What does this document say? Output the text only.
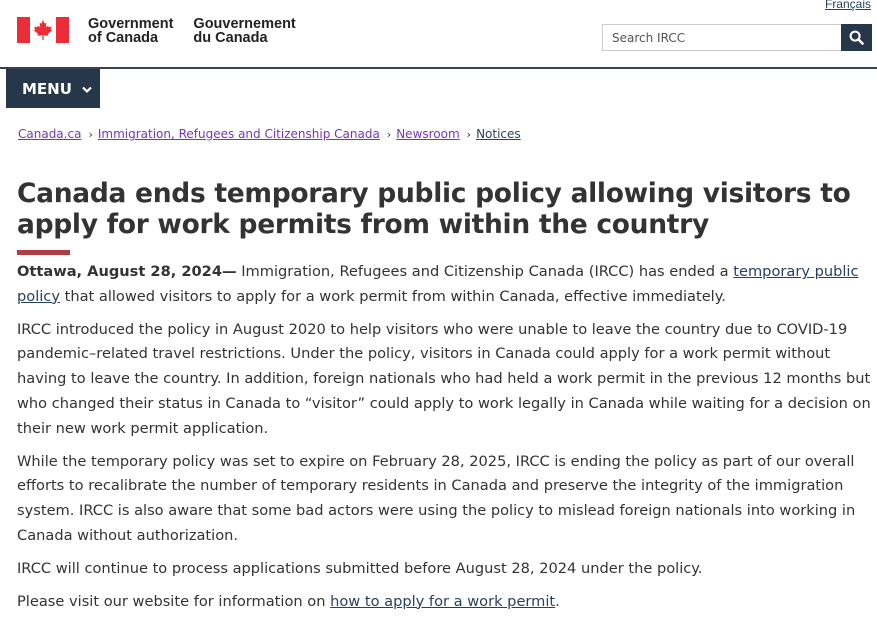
Français
Government
of Canada
Gouvernement
du Canada
Search IRCC
MENU
Canada.ca › Immigration, Refugees and Citizenship Canada › Newsroom › Notices
Canada ends temporary public policy allowing visitors to apply for work permits from within the country

Ottawa, August 28, 2024— Immigration, Refugees and Citizenship Canada (IRCC) has ended a temporary public policy that allowed visitors to apply for a work permit from within Canada, effective immediately.

IRCC introduced the policy in August 2020 to help visitors who were unable to leave the country due to COVID-19 pandemic–related travel restrictions. Under the policy, visitors in Canada could apply for a work permit without having to leave the country. In addition, foreign nationals who had held a work permit in the previous 12 months but who changed their status in Canada to “visitor” could apply to work legally in Canada while waiting for a decision on their new work permit application.

While the temporary policy was set to expire on February 28, 2025, IRCC is ending the policy as part of our overall efforts to recalibrate the number of temporary residents in Canada and preserve the integrity of the immigration system. IRCC is also aware that some bad actors were using the policy to mislead foreign nationals into working in Canada without authorization.

IRCC will continue to process applications submitted before August 28, 2024 under the policy.

Please visit our website for information on how to apply for a work permit.
